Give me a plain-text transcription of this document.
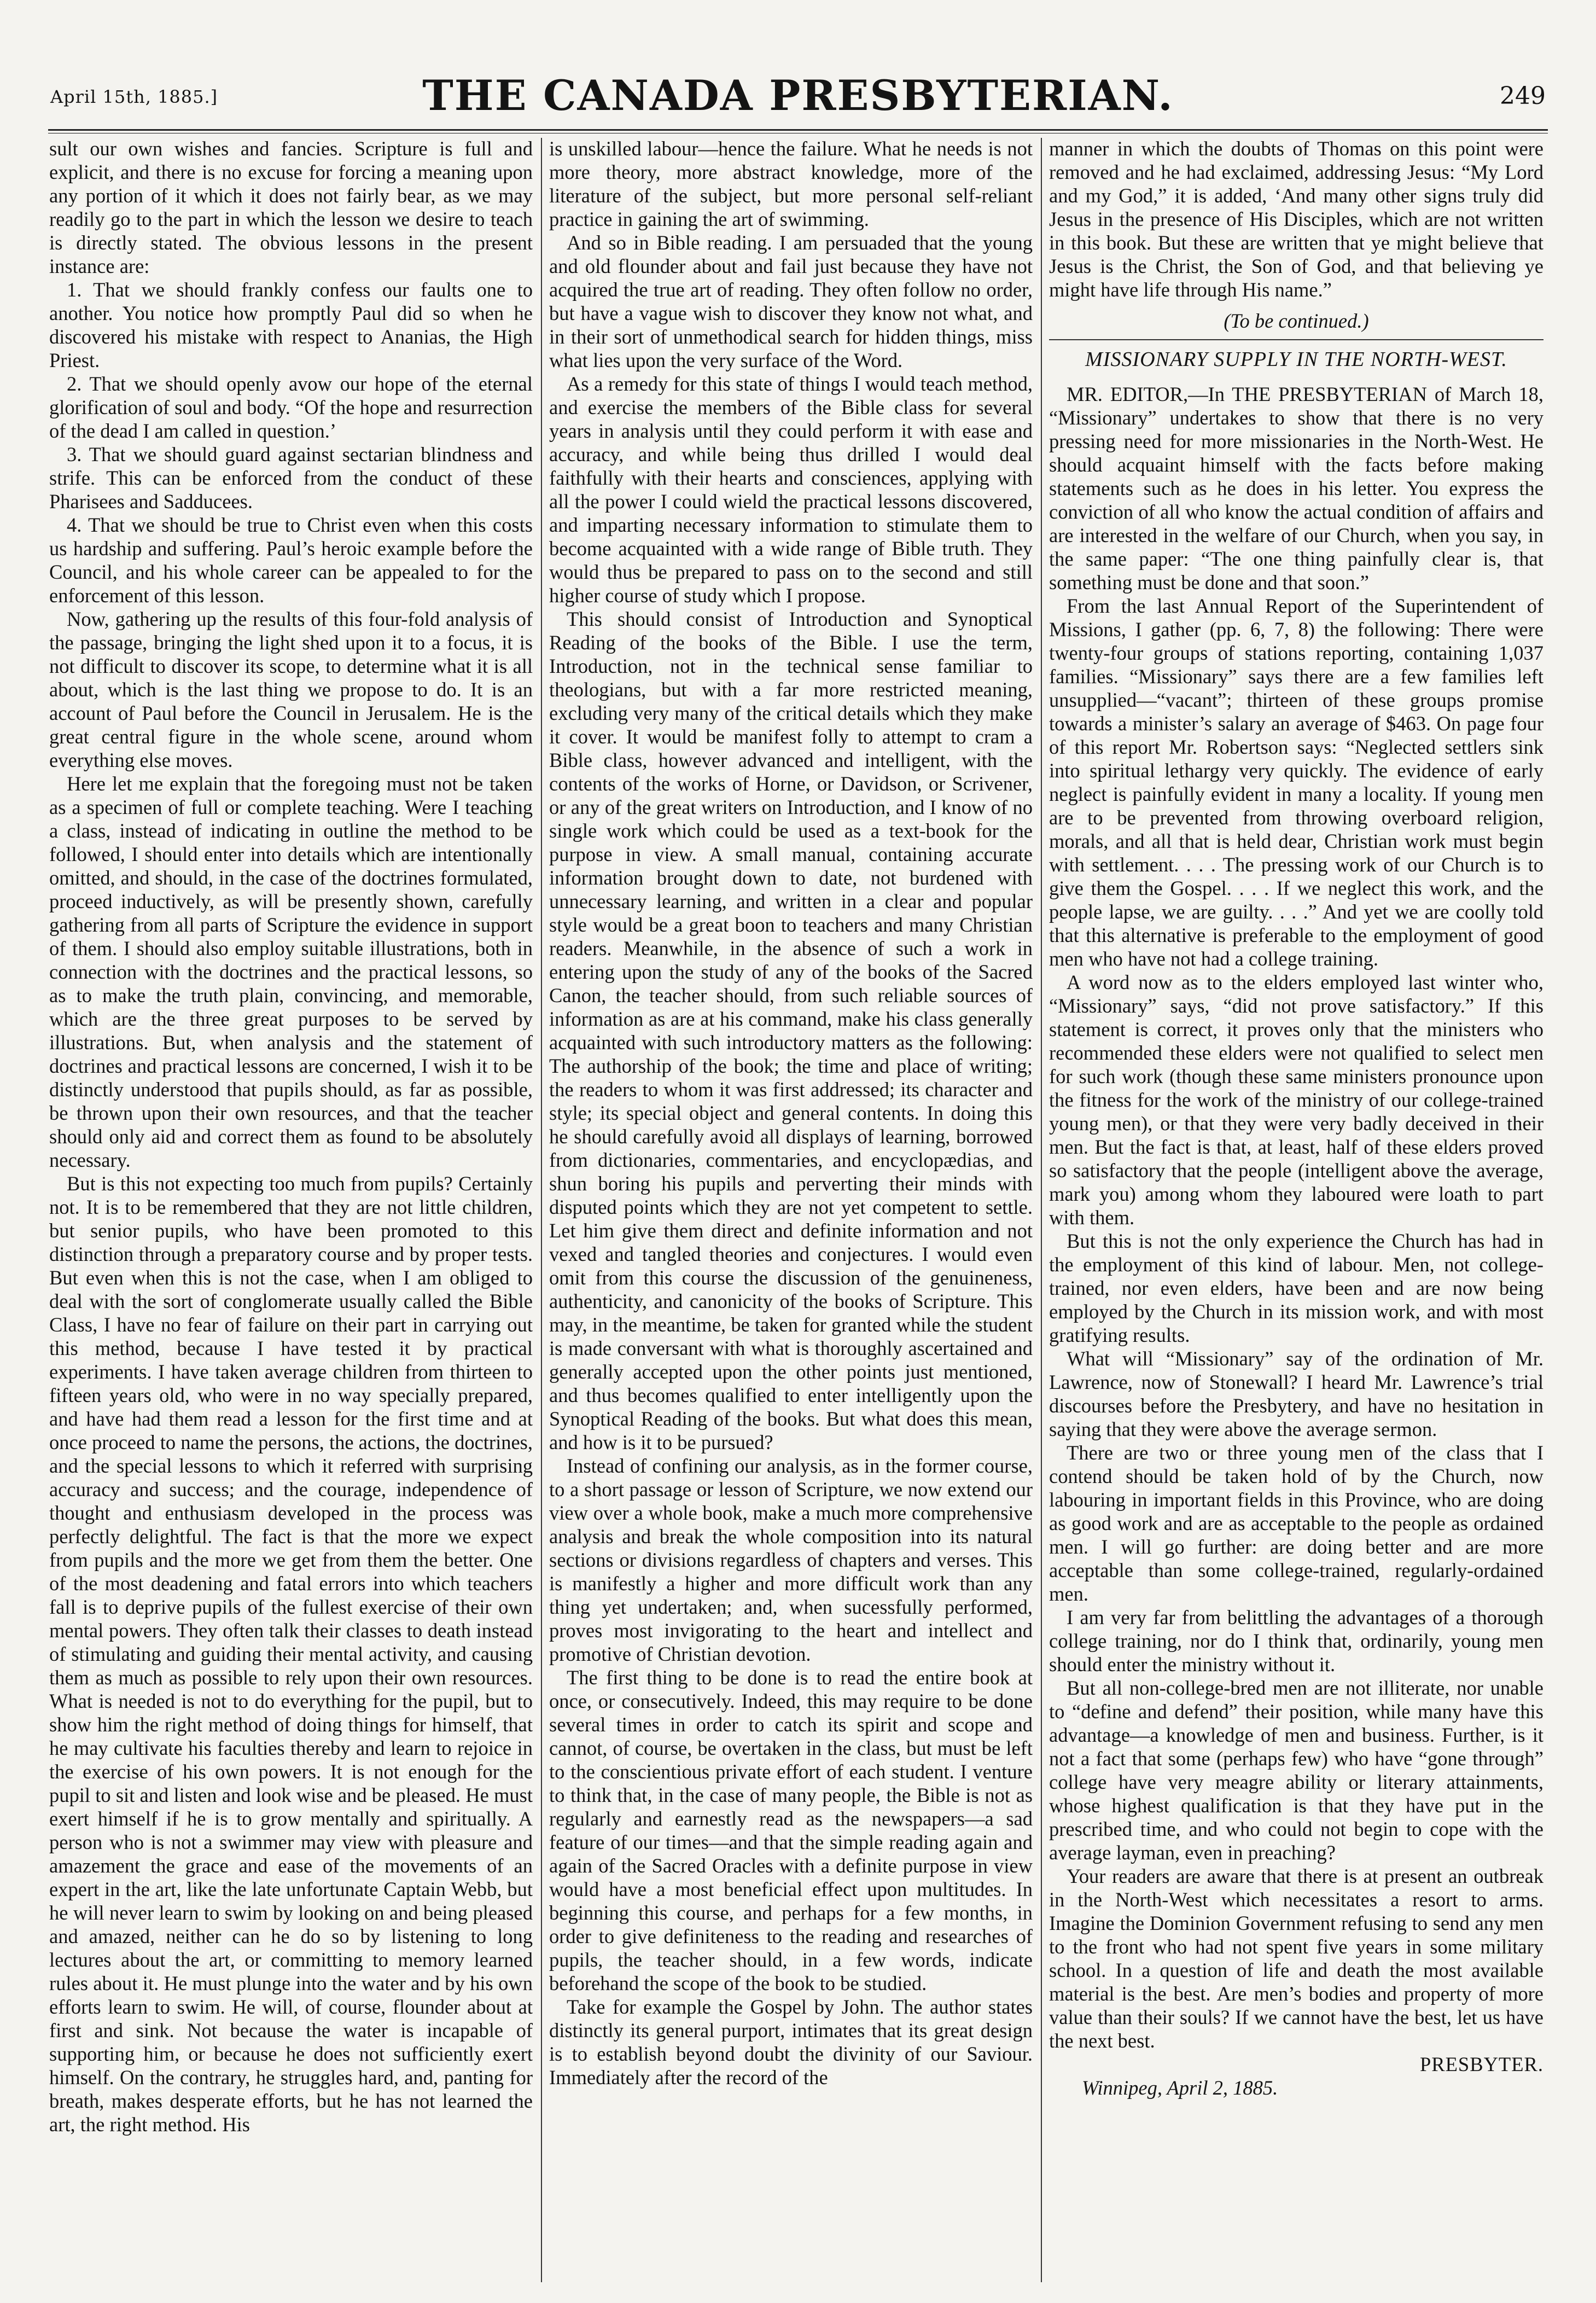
April 15th, 1885.]	THE CANADA PRESBYTERIAN.	249

sult our own wishes and fancies. Scripture is full and explicit, and there is no excuse for forcing a meaning upon any portion of it which it does not fairly bear, as we may readily go to the part in which the lesson we desire to teach is directly stated. The obvious lessons in the present instance are:

1. That we should frankly confess our faults one to another. You notice how promptly Paul did so when he discovered his mistake with respect to Ananias, the High Priest.

2. That we should openly avow our hope of the eternal glorification of soul and body. “Of the hope and resurrection of the dead I am called in question.’

3. That we should guard against sectarian blindness and strife. This can be enforced from the conduct of these Pharisees and Sadducees.

4. That we should be true to Christ even when this costs us hardship and suffering. Paul’s heroic example before the Council, and his whole career can be appealed to for the enforcement of this lesson.

Now, gathering up the results of this four-fold analysis of the passage, bringing the light shed upon it to a focus, it is not difficult to discover its scope, to determine what it is all about, which is the last thing we propose to do. It is an account of Paul before the Council in Jerusalem. He is the great central figure in the whole scene, around whom everything else moves.

Here let me explain that the foregoing must not be taken as a specimen of full or complete teaching. Were I teaching a class, instead of indicating in outline the method to be followed, I should enter into details which are intentionally omitted, and should, in the case of the doctrines formulated, proceed inductively, as will be presently shown, carefully gathering from all parts of Scripture the evidence in support of them. I should also employ suitable illustrations, both in connection with the doctrines and the practical lessons, so as to make the truth plain, convincing, and memorable, which are the three great purposes to be served by illustrations. But, when analysis and the statement of doctrines and practical lessons are concerned, I wish it to be distinctly understood that pupils should, as far as possible, be thrown upon their own resources, and that the teacher should only aid and correct them as found to be absolutely necessary.

But is this not expecting too much from pupils? Certainly not. It is to be remembered that they are not little children, but senior pupils, who have been promoted to this distinction through a preparatory course and by proper tests. But even when this is not the case, when I am obliged to deal with the sort of conglomerate usually called the Bible Class, I have no fear of failure on their part in carrying out this method, because I have tested it by practical experiments. I have taken average children from thirteen to fifteen years old, who were in no way specially prepared, and have had them read a lesson for the first time and at once proceed to name the persons, the actions, the doctrines, and the special lessons to which it referred with surprising accuracy and success; and the courage, independence of thought and enthusiasm developed in the process was perfectly delightful. The fact is that the more we expect from pupils and the more we get from them the better. One of the most deadening and fatal errors into which teachers fall is to deprive pupils of the fullest exercise of their own mental powers. They often talk their classes to death instead of stimulating and guiding their mental activity, and causing them as much as possible to rely upon their own resources. What is needed is not to do everything for the pupil, but to show him the right method of doing things for himself, that he may cultivate his faculties thereby and learn to rejoice in the exercise of his own powers. It is not enough for the pupil to sit and listen and look wise and be pleased. He must exert himself if he is to grow mentally and spiritually. A person who is not a swimmer may view with pleasure and amazement the grace and ease of the movements of an expert in the art, like the late unfortunate Captain Webb, but he will never learn to swim by looking on and being pleased and amazed, neither can he do so by listening to long lectures about the art, or committing to memory learned rules about it. He must plunge into the water and by his own efforts learn to swim. He will, of course, flounder about at first and sink. Not because the water is incapable of supporting him, or because he does not sufficiently exert himself. On the contrary, he struggles hard, and, panting for breath, makes desperate efforts, but he has not learned the art, the right method. His

is unskilled labour—hence the failure. What he needs is not more theory, more abstract knowledge, more of the literature of the subject, but more personal self-reliant practice in gaining the art of swimming.

And so in Bible reading. I am persuaded that the young and old flounder about and fail just because they have not acquired the true art of reading. They often follow no order, but have a vague wish to discover they know not what, and in their sort of unmethodical search for hidden things, miss what lies upon the very surface of the Word.

As a remedy for this state of things I would teach method, and exercise the members of the Bible class for several years in analysis until they could perform it with ease and accuracy, and while being thus drilled I would deal faithfully with their hearts and consciences, applying with all the power I could wield the practical lessons discovered, and imparting necessary information to stimulate them to become acquainted with a wide range of Bible truth. They would thus be prepared to pass on to the second and still higher course of study which I propose.

This should consist of Introduction and Synoptical Reading of the books of the Bible. I use the term, Introduction, not in the technical sense familiar to theologians, but with a far more restricted meaning, excluding very many of the critical details which they make it cover. It would be manifest folly to attempt to cram a Bible class, however advanced and intelligent, with the contents of the works of Horne, or Davidson, or Scrivener, or any of the great writers on Introduction, and I know of no single work which could be used as a text-book for the purpose in view. A small manual, containing accurate information brought down to date, not burdened with unnecessary learning, and written in a clear and popular style would be a great boon to teachers and many Christian readers. Meanwhile, in the absence of such a work in entering upon the study of any of the books of the Sacred Canon, the teacher should, from such reliable sources of information as are at his command, make his class generally acquainted with such introductory matters as the following: The authorship of the book; the time and place of writing; the readers to whom it was first addressed; its character and style; its special object and general contents. In doing this he should carefully avoid all displays of learning, borrowed from dictionaries, commentaries, and encyclopædias, and shun boring his pupils and perverting their minds with disputed points which they are not yet competent to settle. Let him give them direct and definite information and not vexed and tangled theories and conjectures. I would even omit from this course the discussion of the genuineness, authenticity, and canonicity of the books of Scripture. This may, in the meantime, be taken for granted while the student is made conversant with what is thoroughly ascertained and generally accepted upon the other points just mentioned, and thus becomes qualified to enter intelligently upon the Synoptical Reading of the books. But what does this mean, and how is it to be pursued?

Instead of confining our analysis, as in the former course, to a short passage or lesson of Scripture, we now extend our view over a whole book, make a much more comprehensive analysis and break the whole composition into its natural sections or divisions regardless of chapters and verses. This is manifestly a higher and more difficult work than any thing yet undertaken; and, when sucessfully performed, proves most invigorating to the heart and intellect and promotive of Christian devotion.

The first thing to be done is to read the entire book at once, or consecutively. Indeed, this may require to be done several times in order to catch its spirit and scope and cannot, of course, be overtaken in the class, but must be left to the conscientious private effort of each student. I venture to think that, in the case of many people, the Bible is not as regularly and earnestly read as the newspapers—a sad feature of our times—and that the simple reading again and again of the Sacred Oracles with a definite purpose in view would have a most beneficial effect upon multitudes. In beginning this course, and perhaps for a few months, in order to give definiteness to the reading and researches of pupils, the teacher should, in a few words, indicate beforehand the scope of the book to be studied.

Take for example the Gospel by John. The author states distinctly its general purport, intimates that its great design is to establish beyond doubt the divinity of our Saviour. Immediately after the record of the

manner in which the doubts of Thomas on this point were removed and he had exclaimed, addressing Jesus: “My Lord and my God,” it is added, ‘And many other signs truly did Jesus in the presence of His Disciples, which are not written in this book. But these are written that ye might believe that Jesus is the Christ, the Son of God, and that believing ye might have life through His name.”

(To be continued.)

MISSIONARY SUPPLY IN THE NORTH-WEST.

MR. EDITOR,—In THE PRESBYTERIAN of March 18, “Missionary” undertakes to show that there is no very pressing need for more missionaries in the North-West. He should acquaint himself with the facts before making statements such as he does in his letter. You express the conviction of all who know the actual condition of affairs and are interested in the welfare of our Church, when you say, in the same paper: “The one thing painfully clear is, that something must be done and that soon.”

From the last Annual Report of the Superintendent of Missions, I gather (pp. 6, 7, 8) the following: There were twenty-four groups of stations reporting, containing 1,037 families. “Missionary” says there are a few families left unsupplied—“vacant”; thirteen of these groups promise towards a minister’s salary an average of $463. On page four of this report Mr. Robertson says: “Neglected settlers sink into spiritual lethargy very quickly. The evidence of early neglect is painfully evident in many a locality. If young men are to be prevented from throwing overboard religion, morals, and all that is held dear, Christian work must begin with settlement. . . . The pressing work of our Church is to give them the Gospel. . . . If we neglect this work, and the people lapse, we are guilty. . . .” And yet we are coolly told that this alternative is preferable to the employment of good men who have not had a college training.

A word now as to the elders employed last winter who, “Missionary” says, “did not prove satisfactory.” If this statement is correct, it proves only that the ministers who recommended these elders were not qualified to select men for such work (though these same ministers pronounce upon the fitness for the work of the ministry of our college-trained young men), or that they were very badly deceived in their men. But the fact is that, at least, half of these elders proved so satisfactory that the people (intelligent above the average, mark you) among whom they laboured were loath to part with them.

But this is not the only experience the Church has had in the employment of this kind of labour. Men, not college-trained, nor even elders, have been and are now being employed by the Church in its mission work, and with most gratifying results.

What will “Missionary” say of the ordination of Mr. Lawrence, now of Stonewall? I heard Mr. Lawrence’s trial discourses before the Presbytery, and have no hesitation in saying that they were above the average sermon.

There are two or three young men of the class that I contend should be taken hold of by the Church, now labouring in important fields in this Province, who are doing as good work and are as acceptable to the people as ordained men. I will go further: are doing better and are more acceptable than some college-trained, regularly-ordained men.

I am very far from belittling the advantages of a thorough college training, nor do I think that, ordinarily, young men should enter the ministry without it.

But all non-college-bred men are not illiterate, nor unable to “define and defend” their position, while many have this advantage—a knowledge of men and business. Further, is it not a fact that some (perhaps few) who have “gone through” college have very meagre ability or literary attainments, whose highest qualification is that they have put in the prescribed time, and who could not begin to cope with the average layman, even in preaching?

Your readers are aware that there is at present an outbreak in the North-West which necessitates a resort to arms. Imagine the Dominion Government refusing to send any men to the front who had not spent five years in some military school. In a question of life and death the most available material is the best. Are men’s bodies and property of more value than their souls? If we cannot have the best, let us have the next best.

PRESBYTER.

Winnipeg, April 2, 1885.
